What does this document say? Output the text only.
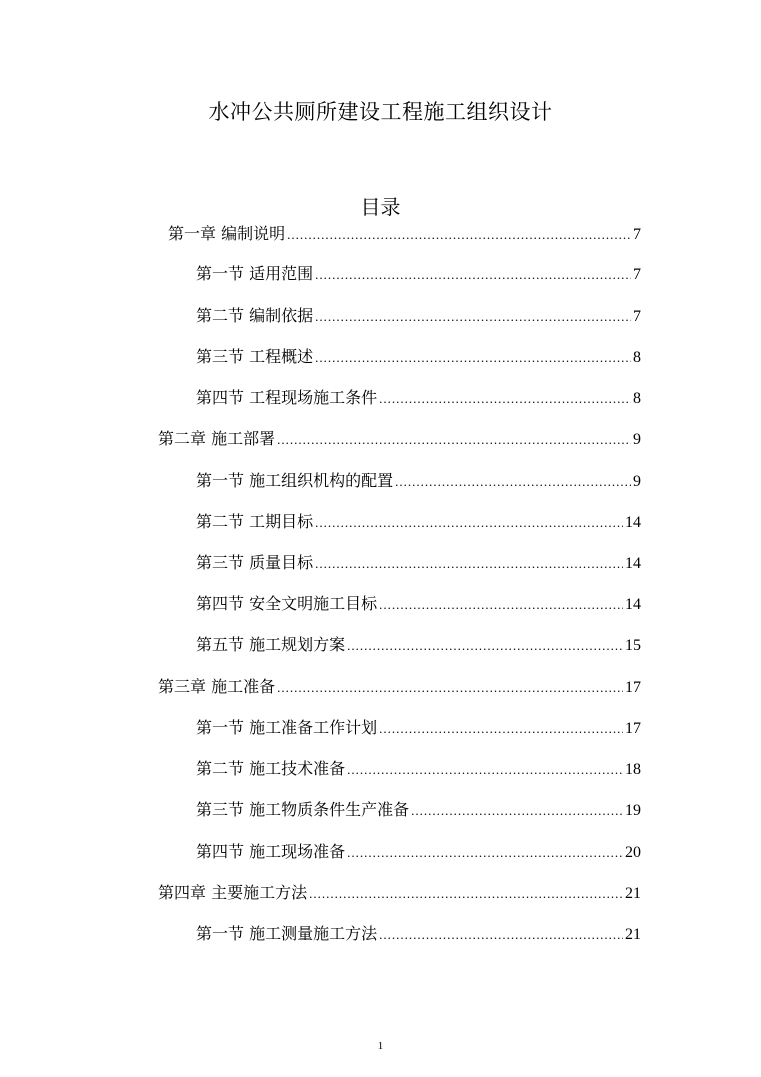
水冲公共厕所建设工程施工组织设计
目录
第一章 编制说明 .....	7
第一节 适用范围 .....	7
第二节 编制依据 .....	7
第三节 工程概述 .....	8
第四节 工程现场施工条件 .....	8
第二章 施工部署 .....	9
第一节 施工组织机构的配置 .....	9
第二节 工期目标 .....	14
第三节 质量目标 .....	14
第四节 安全文明施工目标 .....	14
第五节 施工规划方案 .....	15
第三章 施工准备 .....	17
第一节 施工准备工作计划 .....	17
第二节 施工技术准备 .....	18
第三节 施工物质条件生产准备 .....	19
第四节 施工现场准备 .....	20
第四章 主要施工方法 .....	21
第一节 施工测量施工方法 .....	21
1
